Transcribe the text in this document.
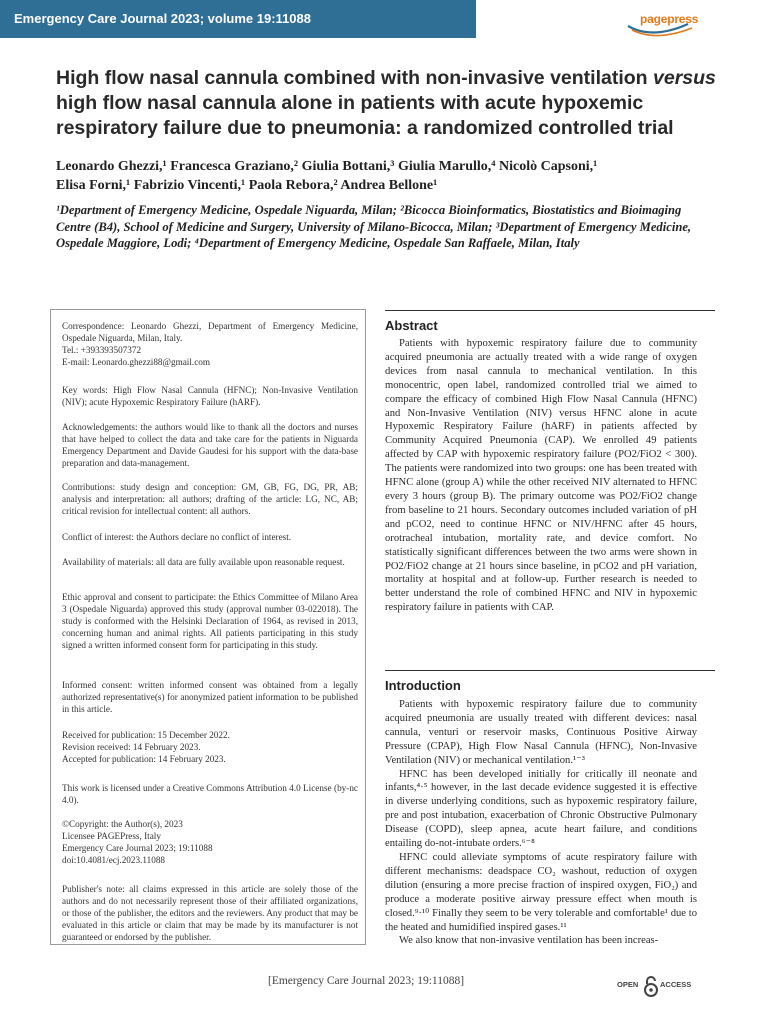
Emergency Care Journal 2023; volume 19:11088	pagepress
High flow nasal cannula combined with non-invasive ventilation versus high flow nasal cannula alone in patients with acute hypoxemic respiratory failure due to pneumonia: a randomized controlled trial
Leonardo Ghezzi,¹ Francesca Graziano,² Giulia Bottani,³ Giulia Marullo,⁴ Nicolò Capsoni,¹
Elisa Forni,¹ Fabrizio Vincenti,¹ Paola Rebora,² Andrea Bellone¹
¹Department of Emergency Medicine, Ospedale Niguarda, Milan; ²Bicocca Bioinformatics, Biostatistics and Bioimaging Centre (B4), School of Medicine and Surgery, University of Milano-Bicocca, Milan; ³Department of Emergency Medicine, Ospedale Maggiore, Lodi; ⁴Department of Emergency Medicine, Ospedale San Raffaele, Milan, Italy

Correspondence: Leonardo Ghezzi, Department of Emergency Medicine, Ospedale Niguarda, Milan, Italy.

Tel.: +393393507372

E-mail: Leonardo.ghezzi88@gmail.com

Key words: High Flow Nasal Cannula (HFNC); Non-Invasive Ventilation (NIV); acute Hypoxemic Respiratory Failure (hARF).
Acknowledgements: the authors would like to thank all the doctors and nurses that have helped to collect the data and take care for the patients in Niguarda Emergency Department and Davide Gaudesi for his support with the data-base preparation and data-management.
Contributions: study design and conception: GM, GB, FG, DG, PR, AB; analysis and interpretation: all authors; drafting of the article: LG, NC, AB; critical revision for intellectual content: all authors.
Conflict of interest: the Authors declare no conflict of interest.
Availability of materials: all data are fully available upon reasonable request.
Ethic approval and consent to participate: the Ethics Committee of Milano Area 3 (Ospedale Niguarda) approved this study (approval number 03-022018). The study is conformed with the Helsinki Declaration of 1964, as revised in 2013, concerning human and animal rights. All patients participating in this study signed a written informed consent form for participating in this study.
Informed consent: written informed consent was obtained from a legally authorized representative(s) for anonymized patient information to be published in this article.

Received for publication: 15 December 2022.

Revision received: 14 February 2023.

Accepted for publication: 14 February 2023.

This work is licensed under a Creative Commons Attribution 4.0 License (by-nc 4.0).

©Copyright: the Author(s), 2023

Licensee PAGEPress, Italy

Emergency Care Journal 2023; 19:11088

doi:10.4081/ecj.2023.11088

Publisher's note: all claims expressed in this article are solely those of the authors and do not necessarily represent those of their affiliated organizations, or those of the publisher, the editors and the reviewers. Any product that may be evaluated in this article or claim that may be made by its manufacturer is not guaranteed or endorsed by the publisher.
Abstract

Patients with hypoxemic respiratory failure due to community acquired pneumonia are actually treated with a wide range of oxygen devices from nasal cannula to mechanical ventilation. In this monocentric, open label, randomized controlled trial we aimed to compare the efficacy of combined High Flow Nasal Cannula (HFNC) and Non-Invasive Ventilation (NIV) versus HFNC alone in acute Hypoxemic Respiratory Failure (hARF) in patients affected by Community Acquired Pneumonia (CAP). We enrolled 49 patients affected by CAP with hypoxemic respiratory failure (PO2/FiO2 < 300). The patients were randomized into two groups: one has been treated with HFNC alone (group A) while the other received NIV alternated to HFNC every 3 hours (group B). The primary outcome was PO2/FiO2 change from baseline to 21 hours. Secondary outcomes included variation of pH and pCO2, need to continue HFNC or NIV/HFNC after 45 hours, orotracheal intubation, mortality rate, and device comfort. No statistically significant differences between the two arms were shown in PO2/FiO2 change at 21 hours since baseline, in pCO2 and pH variation, mortality at hospital and at follow-up. Further research is needed to better understand the role of combined HFNC and NIV in hypoxemic respiratory failure in patients with CAP.

Introduction

Patients with hypoxemic respiratory failure due to community acquired pneumonia are usually treated with different devices: nasal cannula, venturi or reservoir masks, Continuous Positive Airway Pressure (CPAP), High Flow Nasal Cannula (HFNC), Non-Invasive Ventilation (NIV) or mechanical ventilation.¹⁻³

HFNC has been developed initially for critically ill neonate and infants,⁴·⁵ however, in the last decade evidence suggested it is effective in diverse underlying conditions, such as hypoxemic respiratory failure, pre and post intubation, exacerbation of Chronic Obstructive Pulmonary Disease (COPD), sleep apnea, acute heart failure, and conditions entailing do-not-intubate orders.⁶⁻⁸

HFNC could alleviate symptoms of acute respiratory failure with different mechanisms: deadspace CO₂ washout, reduction of oxygen dilution (ensuring a more precise fraction of inspired oxygen, FiO₂) and produce a moderate positive airway pressure effect when mouth is closed.⁹·¹⁰ Finally they seem to be very tolerable and comfortable¹ due to the heated and humidified inspired gases.¹¹

We also know that non-invasive ventilation has been increas-

[Emergency Care Journal 2023; 19:11088]	OPEN	ACCESS
